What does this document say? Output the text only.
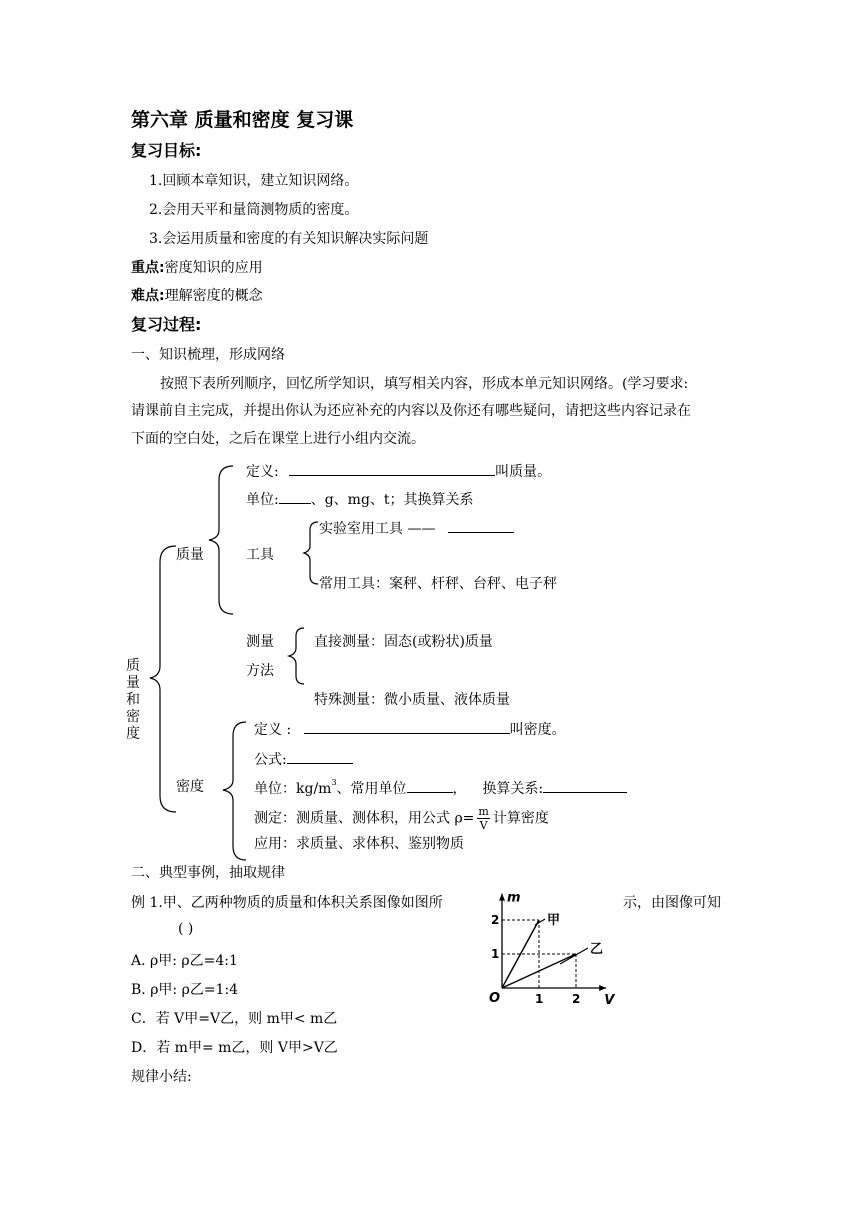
第六章 质量和密度 复习课
复习目标:
1.回顾本章知识，建立知识网络。
2.会用天平和量筒测物质的密度。
3.会运用质量和密度的有关知识解决实际问题
重点:密度知识的应用
难点:理解密度的概念
复习过程:
一、知识梳理，形成网络
按照下表所列顺序，回忆所学知识，填写相关内容，形成本单元知识网络。(学习要求:
请课前自主完成，并提出你认为还应补充的内容以及你还有哪些疑问，请把这些内容记录在
下面的空白处，之后在课堂上进行小组内交流。
质量和密度
质量
定义:	叫质量。
单位: 、g、mg、t；其换算关系
工具
实验室用工具 ——
常用工具：案秤、杆秤、台秤、电子秤
测量
方法
直接测量：固态(或粉状)质量
特殊测量：微小质量、液体质量
密度
定义 :	叫密度。
公式:
单位：$kg/m^3$、常用单位	， 换算关系:
测定：测质量、测体积，用公式 $\rho= \frac{m}{V}$ 计算密度
应用：求质量、求体积、鉴别物质
二、典型事例，抽取规律
例 1.甲、乙两种物质的质量和体积关系图像如图所	示，由图像可知
( )
A. ρ甲: ρ乙=4:1
B. ρ甲: ρ乙=1:4
C．若 V甲=V乙，则 m甲< m乙
D．若 m甲= m乙，则 V甲>V乙
规律小结:
V
m
O	1 2
1
2	甲
乙
